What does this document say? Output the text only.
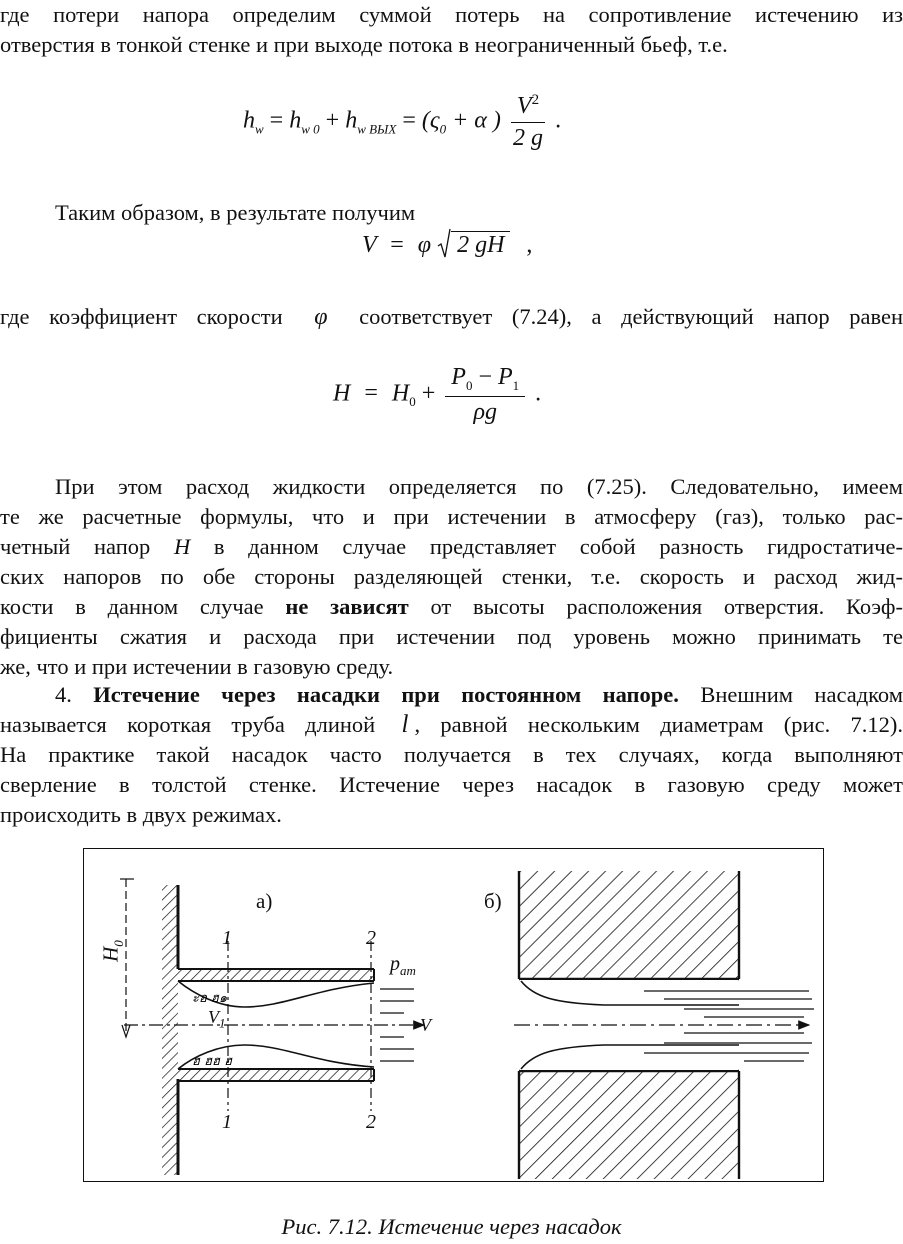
где потери напора определим суммой потерь на сопротивление истечению из

отверстия в тонкой стенке и при выходе потока в неограниченный бьеф, т.е.

$h_w = h_{w 0} + h_{w ВЫХ} = (\varsigma_0 + \alpha$ ) $\frac{V^2}{2 g}$ .

Таким образом, в результате получим

V = φ 2 gH ,

где коэффициент скорости φ соответствует (7.24), а действующий напор равен

$H = H_0 + \frac{P_0 - P_1}{\rho g}$ .

При этом расход жидкости определяется по (7.25). Следовательно, имеем

те же расчетные формулы, что и при истечении в атмосферу (газ), только рас-

четный напор H в данном случае представляет собой разность гидростатиче-

ских напоров по обе стороны разделяющей стенки, т.е. скорость и расход жид-

кости в данном случае не зависят от высоты расположения отверстия. Коэф-

фициенты сжатия и расхода при истечении под уровень можно принимать те

же, что и при истечении в газовую среду.

4. Истечение через насадки при постоянном напоре. Внешним насадком

называется короткая труба длиной l , равной нескольким диаметрам (рис. 7.12).

На практике такой насадок часто получается в тех случаях, когда выполняют

сверление в толстой стенке. Истечение через насадок в газовую среду может

происходить в двух режимах.

ะอ ฮ๑
ฮ ฮฮ ฮ
а)	б)
$H_0$	1
1
2
2
$p_{ат}$
$V_1$	V
Рис. 7.12. Истечение через насадок
